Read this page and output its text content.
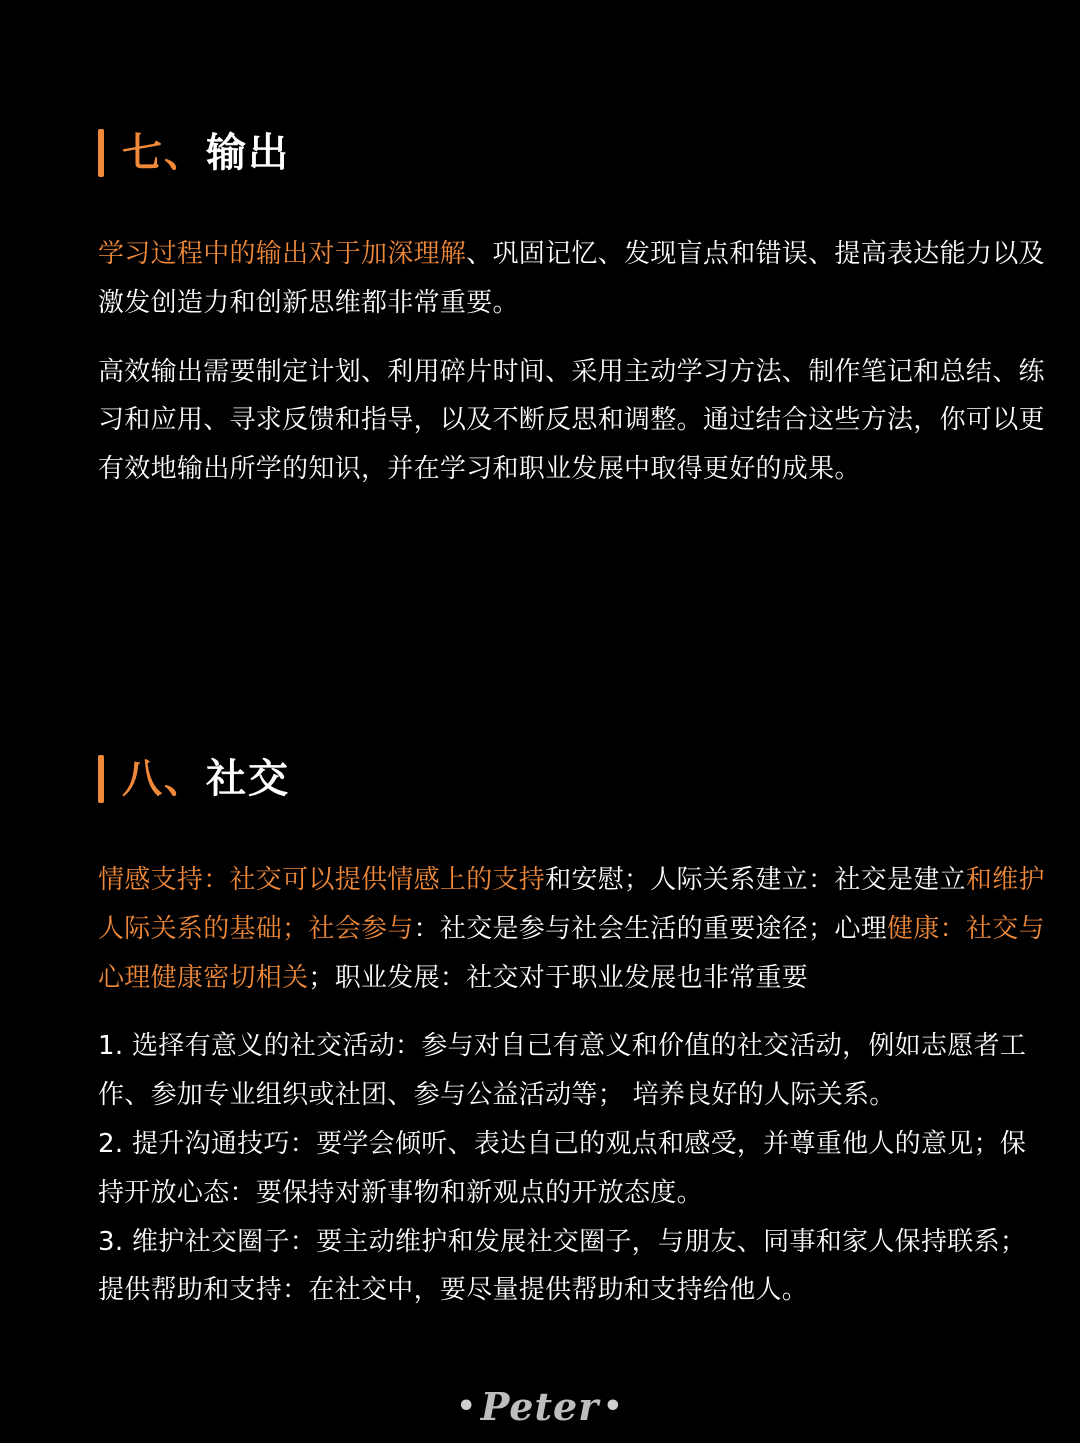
七、输出

学习过程中的输出对于加深理解、巩固记忆、发现盲点和错误、提高表达能力以及激发创造力和创新思维都非常重要。

高效输出需要制定计划、利用碎片时间、采用主动学习方法、制作笔记和总结、练习和应用、寻求反馈和指导，以及不断反思和调整。通过结合这些方法，你可以更有效地输出所学的知识，并在学习和职业发展中取得更好的成果。

八、社交

情感支持：社交可以提供情感上的支持和安慰；人际关系建立：社交是建立和维护人际关系的基础；社会参与：社交是参与社会生活的重要途径；心理健康：社交与心理健康密切相关；职业发展：社交对于职业发展也非常重要

1. 选择有意义的社交活动：参与对自己有意义和价值的社交活动，例如志愿者工作、参加专业组织或社团、参与公益活动等； 培养良好的人际关系。
2. 提升沟通技巧：要学会倾听、表达自己的观点和感受，并尊重他人的意见；保持开放心态：要保持对新事物和新观点的开放态度。
3. 维护社交圈子：要主动维护和发展社交圈子，与朋友、同事和家人保持联系；提供帮助和支持：在社交中，要尽量提供帮助和支持给他人。

• Peter •
